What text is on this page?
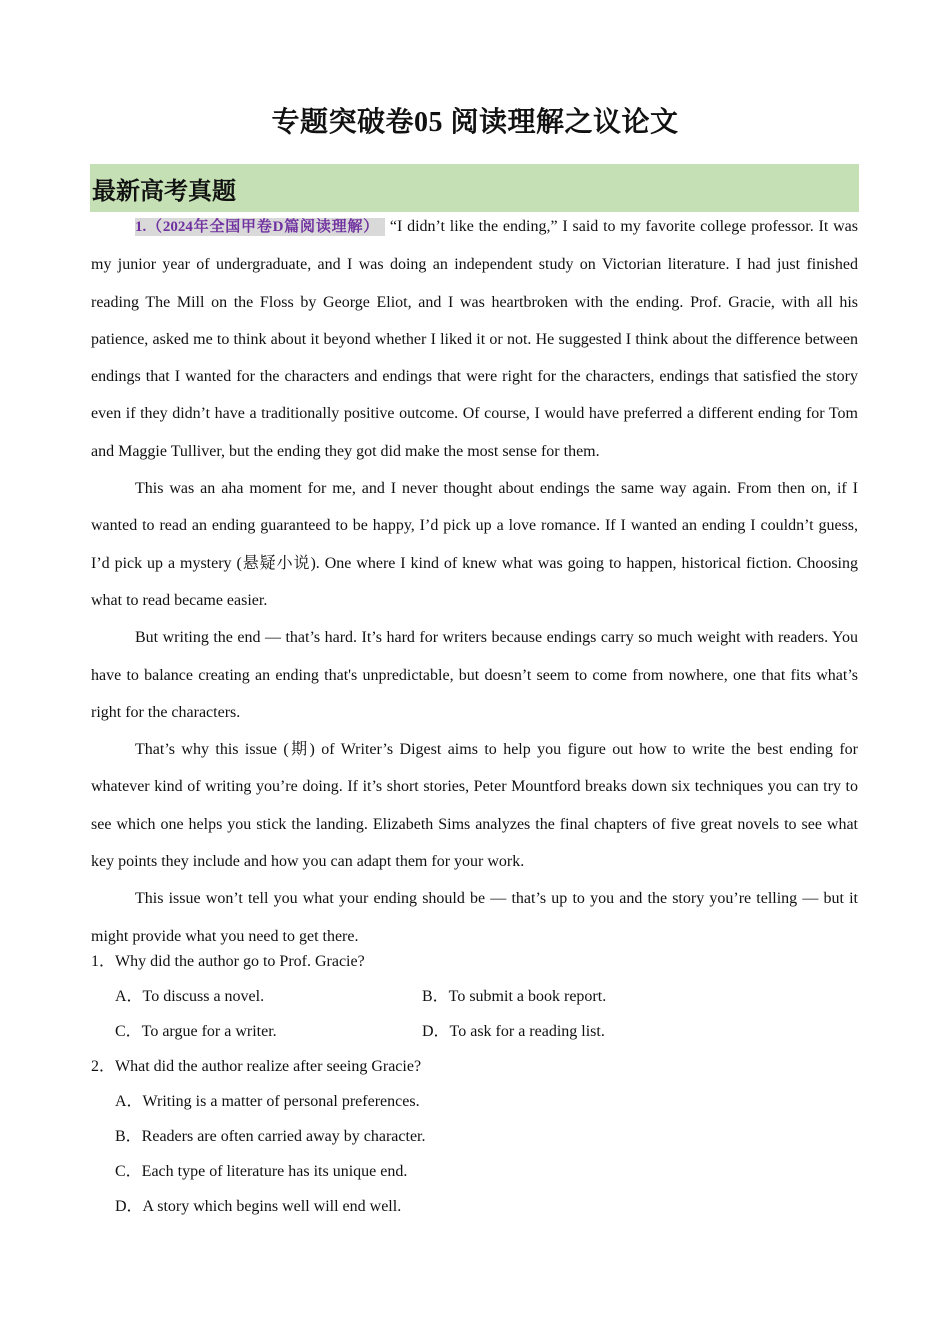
专题突破卷05 阅读理解之议论文
最新高考真题

1.（2024年全国甲卷D篇阅读理解） “I didn’t like the ending,” I said to my favorite college professor. It was my junior year of undergraduate, and I was doing an independent study on Victorian literature. I had just finished reading The Mill on the Floss by George Eliot, and I was heartbroken with the ending. Prof. Gracie, with all his patience, asked me to think about it beyond whether I liked it or not. He suggested I think about the difference between endings that I wanted for the characters and endings that were right for the characters, endings that satisfied the story even if they didn’t have a traditionally positive outcome. Of course, I would have preferred a different ending for Tom and Maggie Tulliver, but the ending they got did make the most sense for them.

This was an aha moment for me, and I never thought about endings the same way again. From then on, if I wanted to read an ending guaranteed to be happy, I’d pick up a love romance. If I wanted an ending I couldn’t guess, I’d pick up a mystery (悬疑小说). One where I kind of knew what was going to happen, historical fiction. Choosing what to read became easier.

But writing the end — that’s hard. It’s hard for writers because endings carry so much weight with readers. You have to balance creating an ending that's unpredictable, but doesn’t seem to come from nowhere, one that fits what’s right for the characters.

That’s why this issue (期) of Writer’s Digest aims to help you figure out how to write the best ending for whatever kind of writing you’re doing. If it’s short stories, Peter Mountford breaks down six techniques you can try to see which one helps you stick the landing. Elizabeth Sims analyzes the final chapters of five great novels to see what key points they include and how you can adapt them for your work.

This issue won’t tell you what your ending should be — that’s up to you and the story you’re telling — but it might provide what you need to get there.

1．Why did the author go to Prof. Gracie?
A．To discuss a novel.	B．To submit a book report.
C．To argue for a writer.	D．To ask for a reading list.
2．What did the author realize after seeing Gracie?
A．Writing is a matter of personal preferences.
B．Readers are often carried away by character.
C．Each type of literature has its unique end.
D．A story which begins well will end well.
